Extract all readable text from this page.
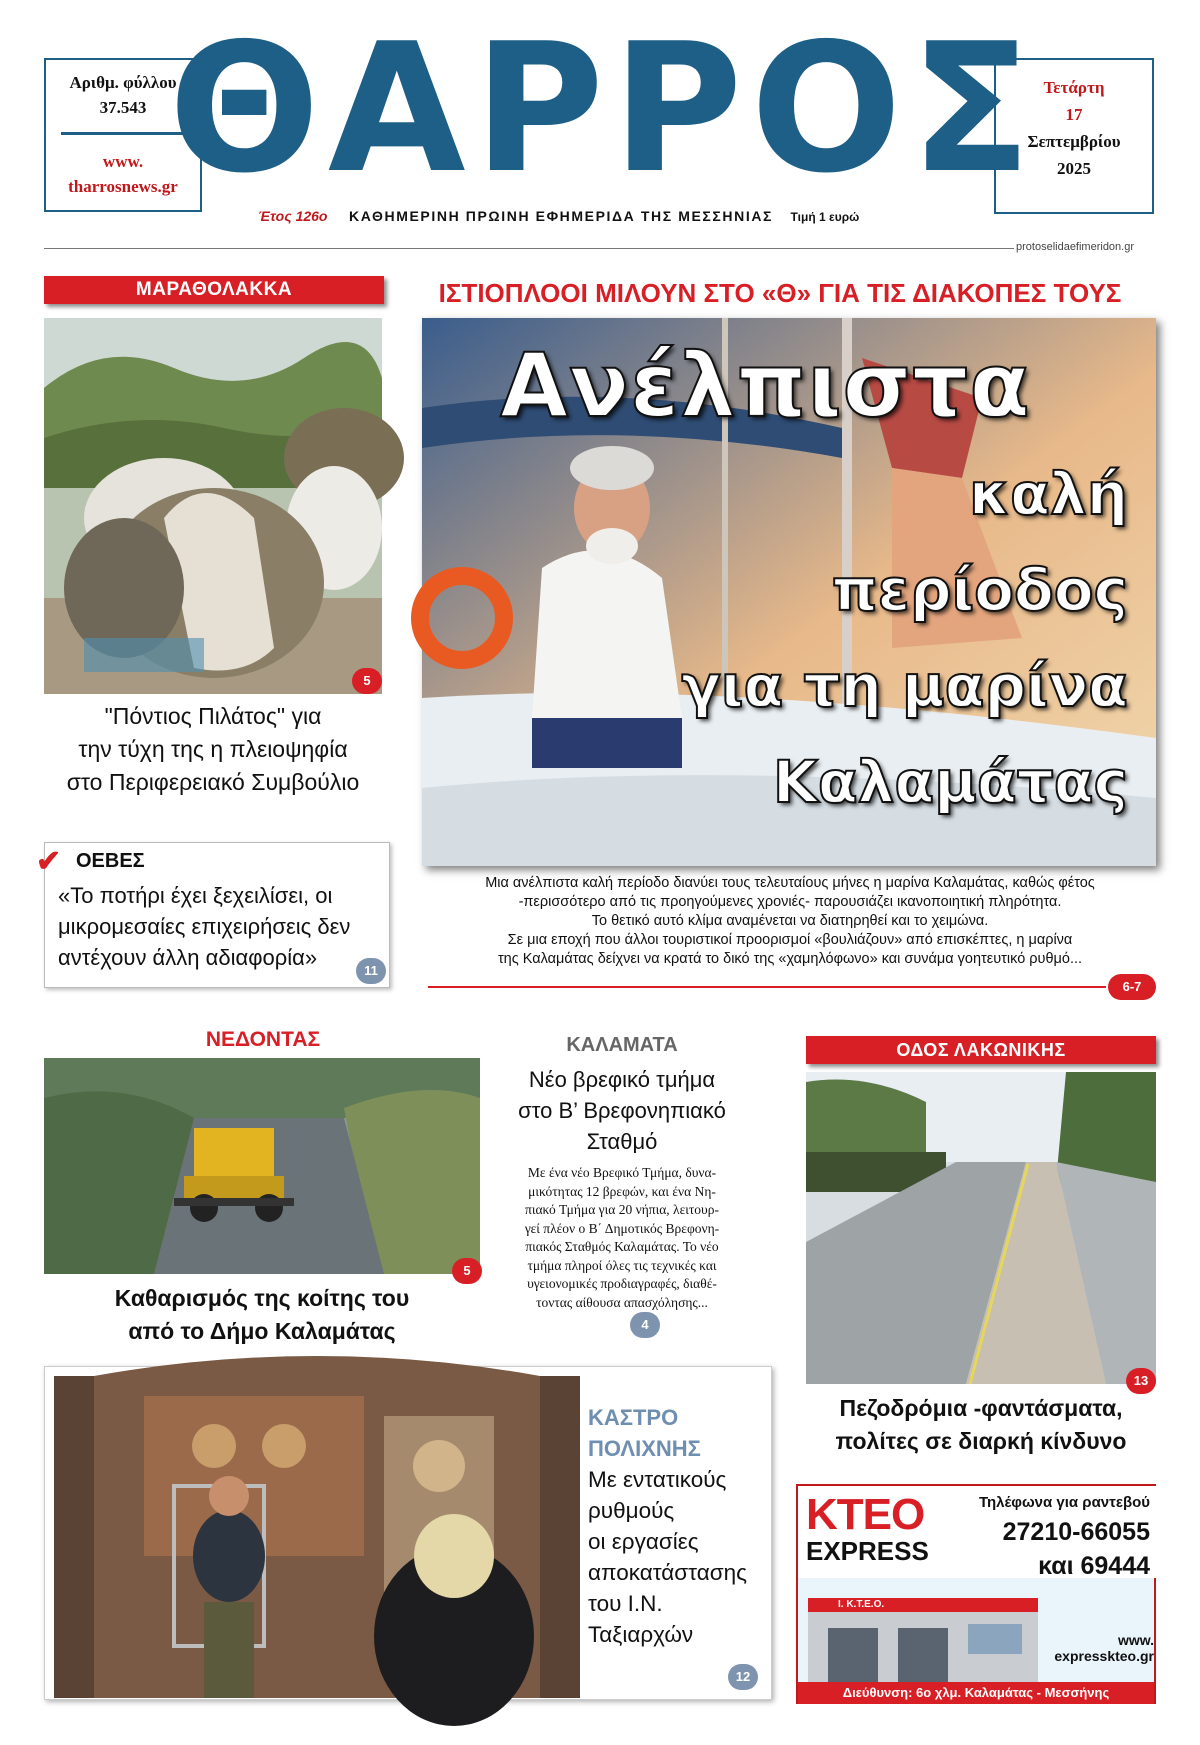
Αριθμ. φύλλου
37.543
www.
tharrosnews.gr
ΘΑΡΡΟΣ Τετάρτη
17
Σεπτεμβρίου
2025
Έτος 126ο ΚΑΘΗΜΕΡΙΝΗ ΠΡΩΙΝΗ ΕΦΗΜΕΡΙΔΑ ΤΗΣ ΜΕΣΣΗΝΙΑΣ Τιμή 1 ευρώ
protoselidaefimeridon.gr
ΜΑΡΑΘΟΛΑΚΚΑ
5
"Πόντιος Πιλάτος" για
την τύχη της η πλειοψηφία
στο Περιφερειακό Συμβούλιο
✔ ΟΕΒΕΣ
«Το ποτήρι έχει ξεχειλίσει, οι
μικρομεσαίες επιχειρήσεις δεν
αντέχουν άλλη αδιαφορία»
11
ΙΣΤΙΟΠΛΟΟΙ ΜΙΛΟΥΝ ΣΤΟ «Θ» ΓΙΑ ΤΙΣ ΔΙΑΚΟΠΕΣ ΤΟΥΣ
Ανέλπιστα
καλή
περίοδος
για τη μαρίνα
Καλαμάτας
Μια ανέλπιστα καλή περίοδο διανύει τους τελευταίους μήνες η μαρίνα Καλαμάτας, καθώς φέτος
-περισσότερο από τις προηγούμενες χρονιές- παρουσιάζει ικανοποιητική πληρότητα.
Το θετικό αυτό κλίμα αναμένεται να διατηρηθεί και το χειμώνα.
Σε μια εποχή που άλλοι τουριστικοί προορισμοί «βουλιάζουν» από επισκέπτες, η μαρίνα
της Καλαμάτας δείχνει να κρατά το δικό της «χαμηλόφωνο» και συνάμα γοητευτικό ρυθμό...
6-7
ΝΕΔΟΝΤΑΣ
5
Καθαρισμός της κοίτης του
από το Δήμο Καλαμάτας
ΚΑΛΑΜΑΤΑ
Νέο βρεφικό τμήμα
στο Β’ Βρεφονηπιακό
Σταθμό
Με ένα νέο Βρεφικό Τμήμα, δυνα-
μικότητας 12 βρεφών, και ένα Νη-
πιακό Τμήμα για 20 νήπια, λειτουρ-
γεί πλέον ο Β΄ Δημοτικός Βρεφονη-
πιακός Σταθμός Καλαμάτας. Το νέο
τμήμα πληροί όλες τις τεχνικές και
υγειονομικές προδιαγραφές, διαθέ-
τοντας αίθουσα απασχόλησης...
4
ΟΔΟΣ ΛΑΚΩΝΙΚΗΣ
13
Πεζοδρόμια -φαντάσματα,
πολίτες σε διαρκή κίνδυνο
ΚΑΣΤΡΟ
ΠΟΛΙΧΝΗΣ
Με εντατικούς
ρυθμούς
οι εργασίες
αποκατάστασης
του Ι.Ν.
Ταξιαρχών
12
ΚΤΕΟ
EXPRESS
Τηλέφωνα για ραντεβού
27210-66055
και 69444
Ι. Κ.Τ.Ε.Ο.
www.
expresskteo.gr
Διεύθυνση: 6ο χλμ. Καλαμάτας - Μεσσήνης
